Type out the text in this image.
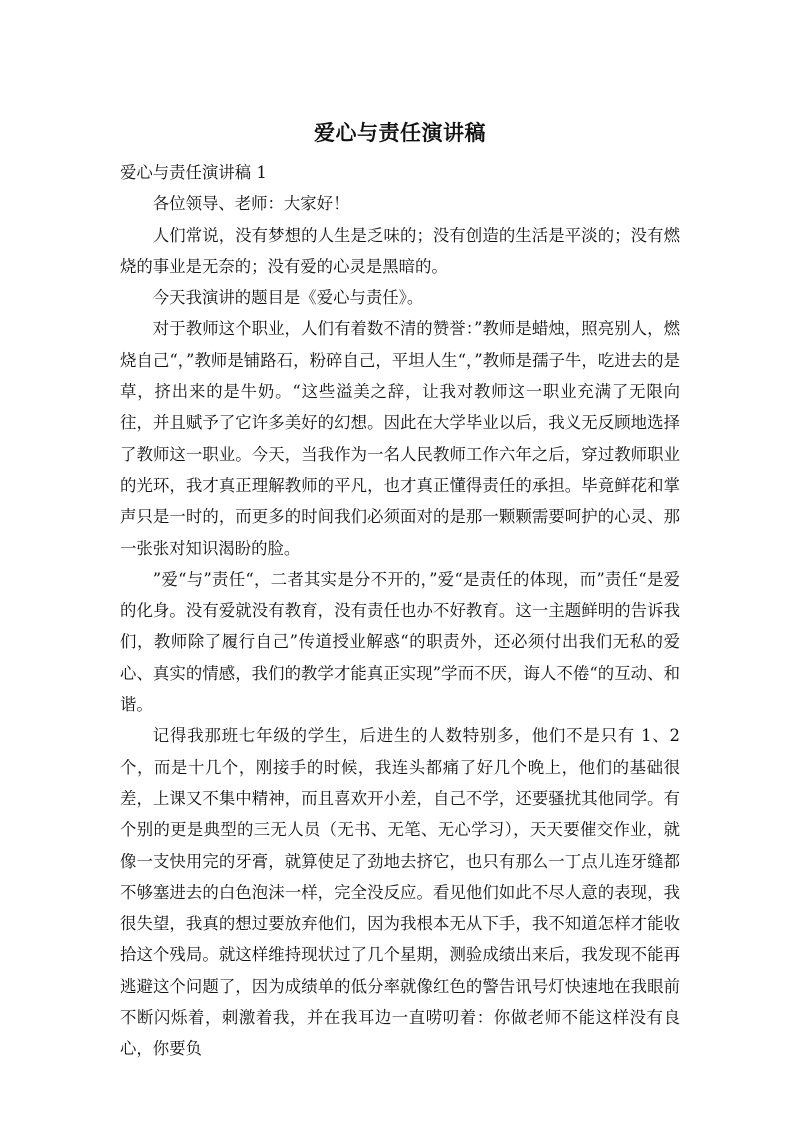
爱心与责任演讲稿

爱心与责任演讲稿 1

各位领导、老师：大家好！

人们常说，没有梦想的人生是乏味的；没有创造的生活是平淡的；没有燃烧的事业是无奈的；没有爱的心灵是黑暗的。

今天我演讲的题目是《爱心与责任》。

对于教师这个职业，人们有着数不清的赞誉：”教师是蜡烛，照亮别人，燃烧自己“，”教师是铺路石，粉碎自己，平坦人生“，”教师是孺子牛，吃进去的是草，挤出来的是牛奶。“这些溢美之辞，让我对教师这一职业充满了无限向往，并且赋予了它许多美好的幻想。因此在大学毕业以后，我义无反顾地选择了教师这一职业。今天，当我作为一名人民教师工作六年之后，穿过教师职业的光环，我才真正理解教师的平凡，也才真正懂得责任的承担。毕竟鲜花和掌声只是一时的，而更多的时间我们必须面对的是那一颗颗需要呵护的心灵、那一张张对知识渴盼的脸。

”爱“与”责任“，二者其实是分不开的，”爱“是责任的体现，而”责任“是爱的化身。没有爱就没有教育，没有责任也办不好教育。这一主题鲜明的告诉我们，教师除了履行自己”传道授业解惑“的职责外，还必须付出我们无私的爱心、真实的情感，我们的教学才能真正实现”学而不厌，诲人不倦“的互动、和谐。

记得我那班七年级的学生，后进生的人数特别多，他们不是只有 1、2 个，而是十几个，刚接手的时候，我连头都痛了好几个晚上，他们的基础很差，上课又不集中精神，而且喜欢开小差，自己不学，还要骚扰其他同学。有个别的更是典型的三无人员（无书、无笔、无心学习），天天要催交作业，就像一支快用完的牙膏，就算使足了劲地去挤它，也只有那么一丁点儿连牙缝都不够塞进去的白色泡沫一样，完全没反应。看见他们如此不尽人意的表现，我很失望，我真的想过要放弃他们，因为我根本无从下手，我不知道怎样才能收拾这个残局。就这样维持现状过了几个星期，测验成绩出来后，我发现不能再逃避这个问题了，因为成绩单的低分率就像红色的警告讯号灯快速地在我眼前不断闪烁着，刺激着我，并在我耳边一直唠叨着：你做老师不能这样没有良心，你要负
